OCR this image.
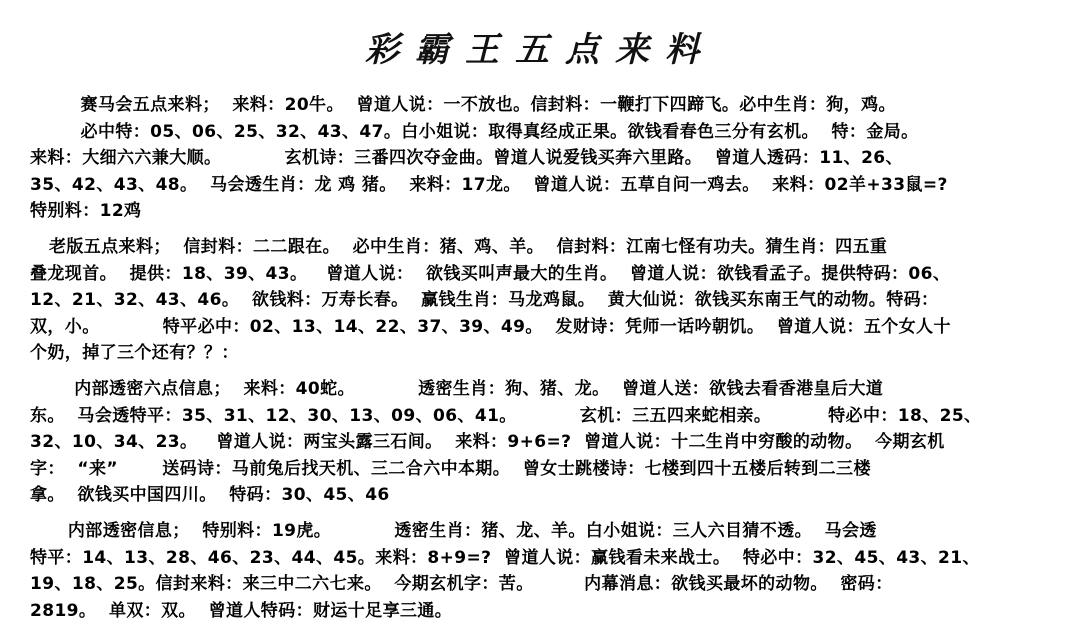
彩霸王五点来料
赛马会五点来料；  来料：20牛。  曾道人说：一不放也。信封料：一鞭打下四蹄飞。必中生肖：狗，鸡。
必中特：05、06、25、32、43、47。白小姐说：取得真经成正果。欲钱看春色三分有玄机。  特：金局。
来料：大细六六兼大顺。          玄机诗：三番四次夺金曲。曾道人说爱钱买奔六里路。  曾道人透码：11、26、
35、42、43、48。  马会透生肖：龙 鸡 猪。  来料：17龙。  曾道人说：五草自问一鸡去。  来料：02羊+33鼠=?
特别料：12鸡
老版五点来料；  信封料：二二跟在。  必中生肖：猪、鸡、羊。  信封料：江南七怪有功夫。猜生肖：四五重
叠龙现首。  提供：18、39、43。   曾道人说：  欲钱买叫声最大的生肖。  曾道人说：欲钱看孟子。提供特码：06、
12、21、32、43、46。  欲钱料：万寿长春。  赢钱生肖：马龙鸡鼠。  黄大仙说：欲钱买东南王气的动物。特码：
双，小。          特平必中：02、13、14、22、37、39、49。  发财诗：凭师一话吟朝饥。  曾道人说：五个女人十
个奶，掉了三个还有？？：
内部透密六点信息；  来料：40蛇。          透密生肖：狗、猪、龙。  曾道人送：欲钱去看香港皇后大道
东。  马会透特平：35、31、12、30、13、09、06、41。          玄机：三五四来蛇相亲。         特必中：18、25、
32、10、34、23。   曾道人说：两宝头露三石间。  来料：9+6=?  曾道人说：十二生肖中穷酸的动物。  今期玄机
字：  “来”       送码诗：马前兔后找天机、三二合六中本期。  曾女士跳楼诗：七楼到四十五楼后转到二三楼
拿。  欲钱买中国四川。  特码：30、45、46
内部透密信息；  特别料：19虎。          透密生肖：猪、龙、羊。白小姐说：三人六目猜不透。  马会透
特平：14、13、28、46、23、44、45。来料：8+9=?  曾道人说：赢钱看未来战士。  特必中：32、45、43、21、
19、18、25。信封来料：来三中二六七来。  今期玄机字：苦。        内幕消息：欲钱买最坏的动物。  密码：
2819。  单双：双。  曾道人特码：财运十足享三通。
